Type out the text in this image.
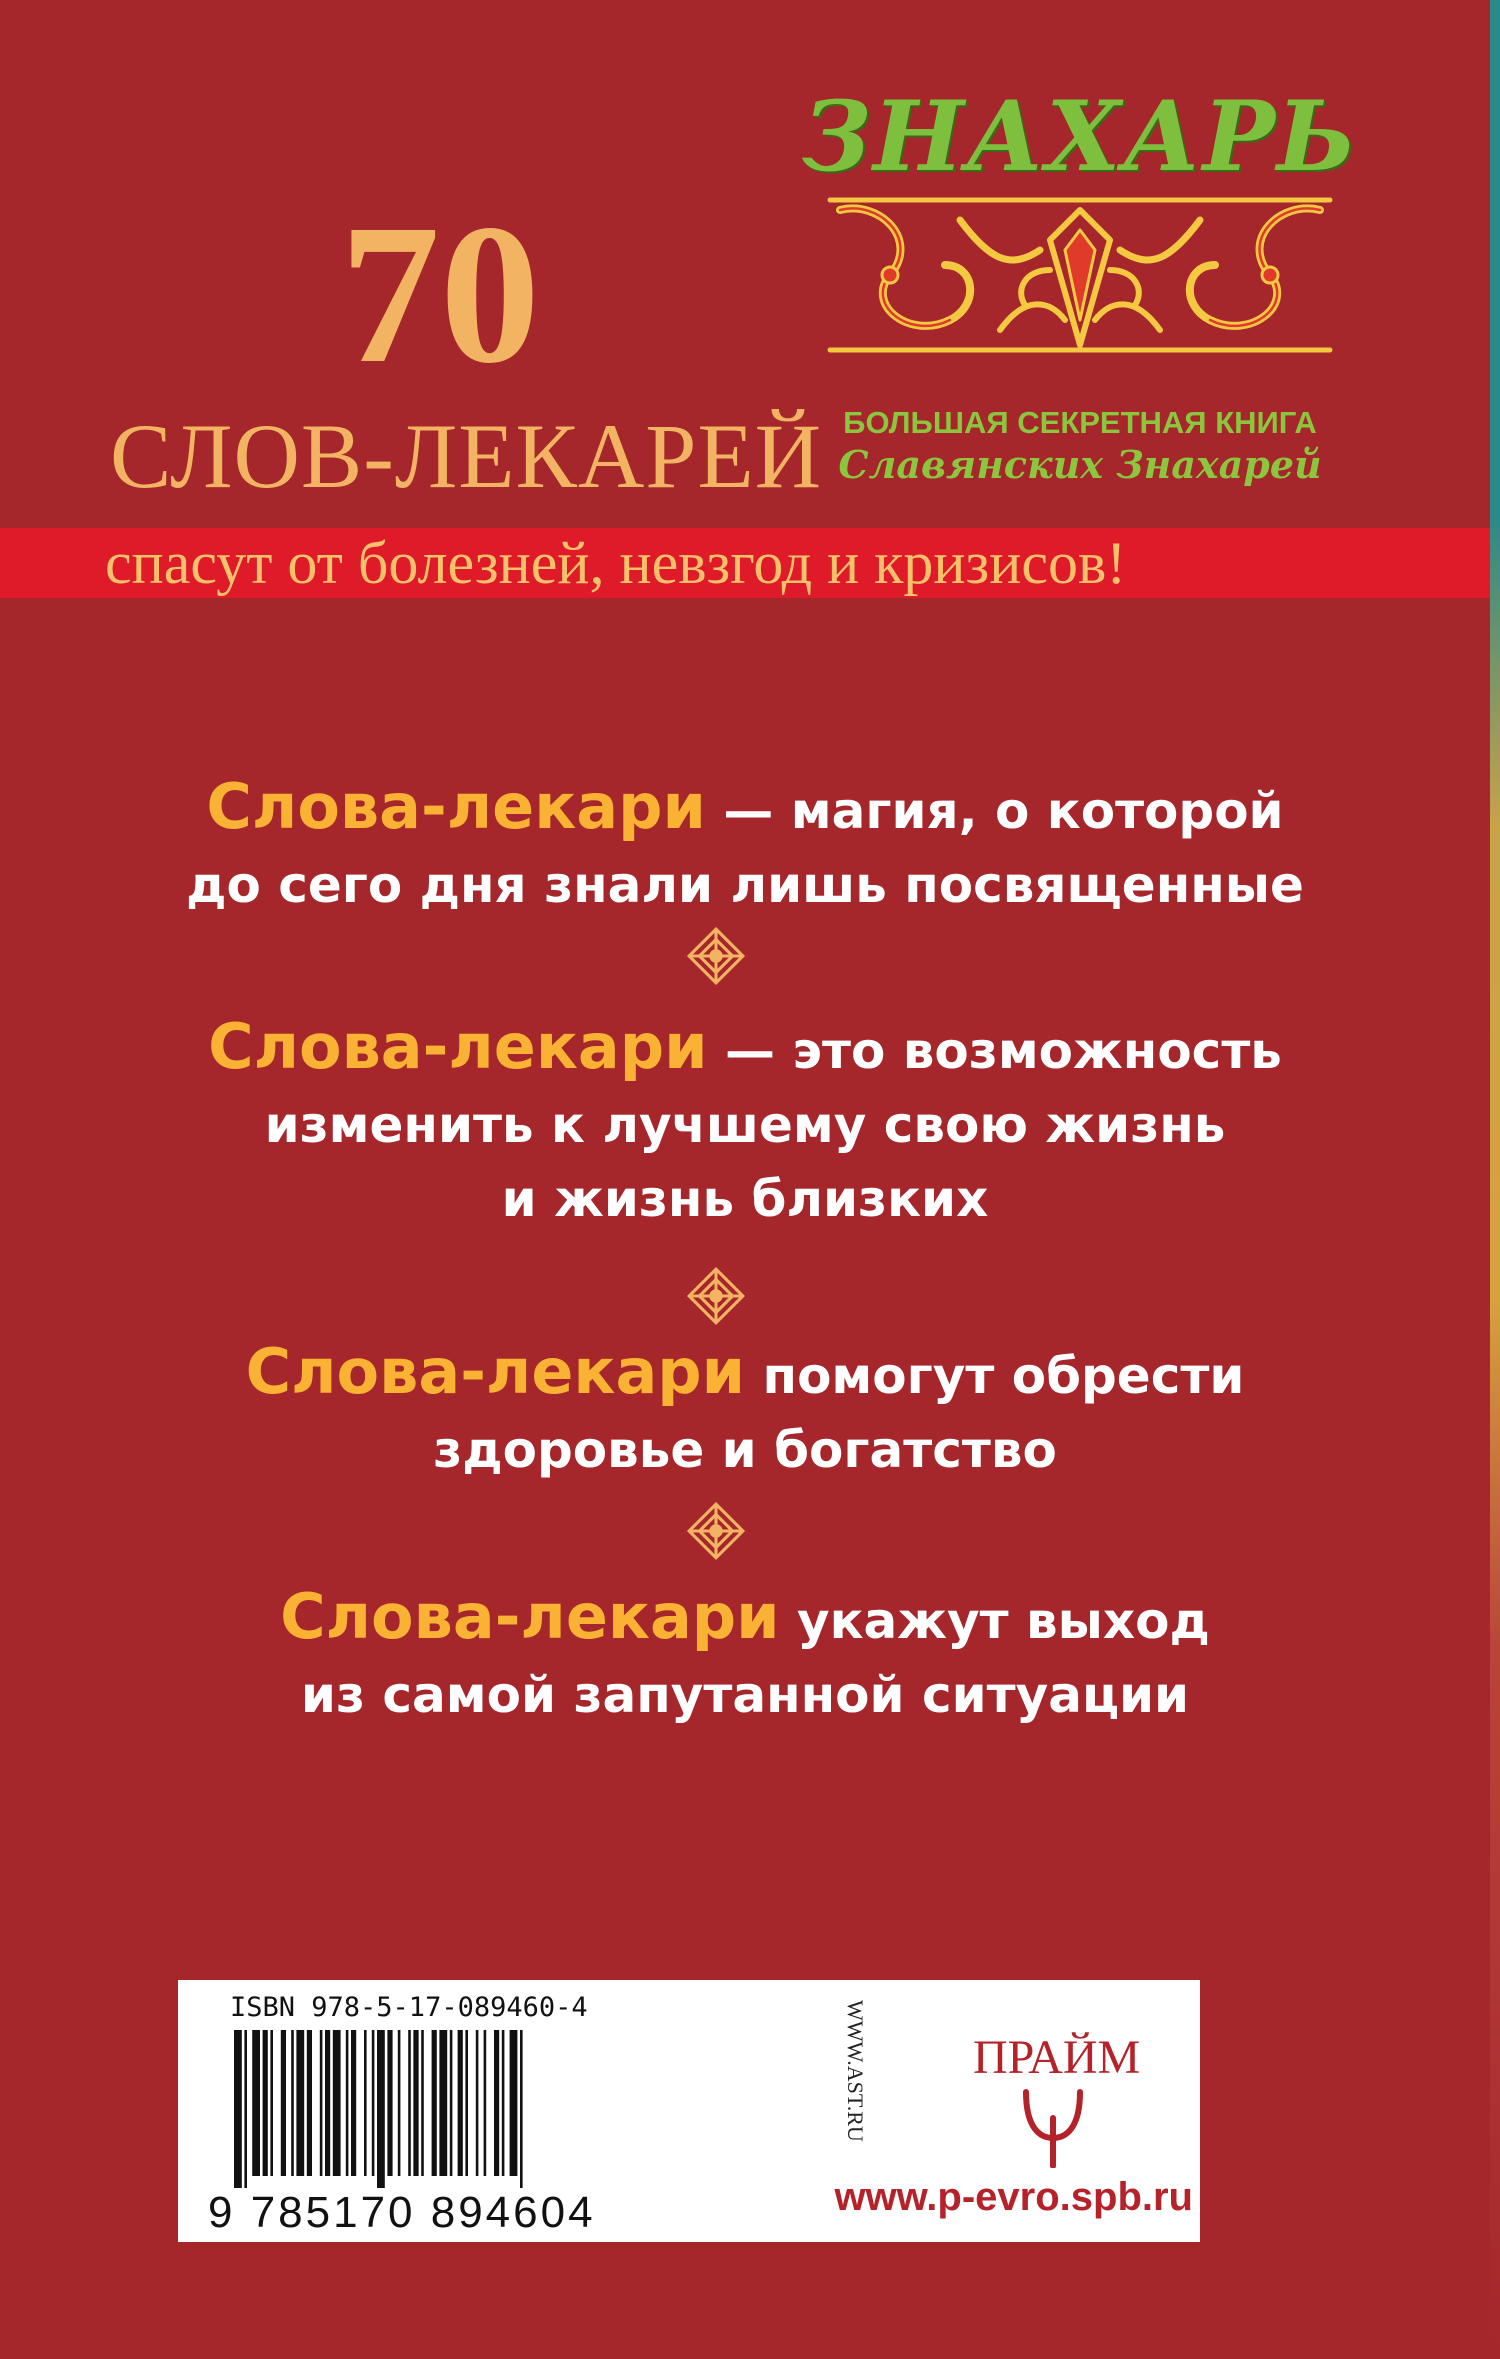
ЗНАХАРЬ
БОЛЬШАЯ СЕКРЕТНАЯ КНИГА
Славянских Знахарей
70
СЛОВ-ЛЕКАРЕЙ
спасут от болезней, невзгод и кризисов!
Слова-лекари — магия, о которой
до сего дня знали лишь посвященные
Слова-лекари — это возможность
изменить к лучшему свою жизнь
и жизнь близких
Слова-лекари помогут обрести
здоровье и богатство
Слова-лекари укажут выход
из самой запутанной ситуации
ISBN 978-5-17-089460-4
9 785170 894604
WWW.AST.RU ПРАЙМ
www.p-evro.spb.ru
